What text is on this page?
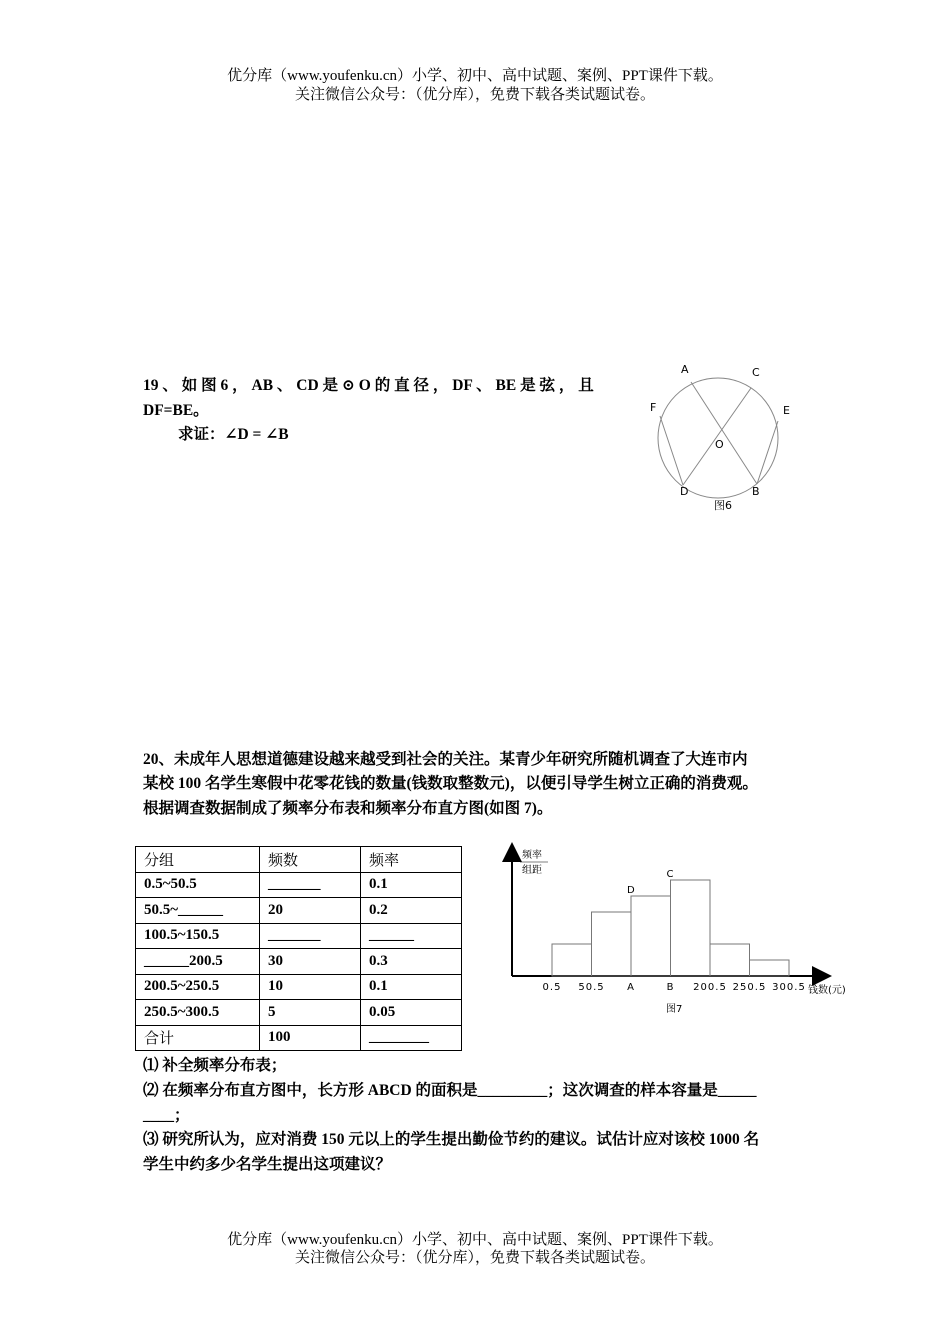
优分库（www.youfenku.cn）小学、初中、高中试题、案例、PPT课件下载。
关注微信公众号：（优分库），免费下载各类试题试卷。
19 、 如 图 6 ， AB 、 CD 是 ⊙ O 的 直 径 ， DF 、 BE 是 弦 ， 且
DF=BE。
求证：∠D = ∠B
A	C
F	E
O
D	B
图6
20、未成年人思想道德建设越来越受到社会的关注。某青少年研究所随机调查了大连市内
某校 100 名学生寒假中花零花钱的数量(钱数取整数元)，以便引导学生树立正确的消费观。
根据调查数据制成了频率分布表和频率分布直方图(如图 7)。
分组	频数	频率
0.5~50.5	_______	0.1
50.5~______	20	0.2
100.5~150.5	_______	______
______200.5	30	0.3
200.5~250.5	10	0.1
250.5~300.5	5	0.05
合计	100	________
频率
组距
钱数(元)
图7
D
C
0.5 50.5 A	B 200.5 250.5 300.5
⑴ 补全频率分布表；
⑵ 在频率分布直方图中，长方形 ABCD 的面积是_________；这次调查的样本容量是_____
____；
⑶ 研究所认为，应对消费 150 元以上的学生提出勤俭节约的建议。试估计应对该校 1000 名
学生中约多少名学生提出这项建议？
优分库（www.youfenku.cn）小学、初中、高中试题、案例、PPT课件下载。
关注微信公众号：（优分库），免费下载各类试题试卷。
